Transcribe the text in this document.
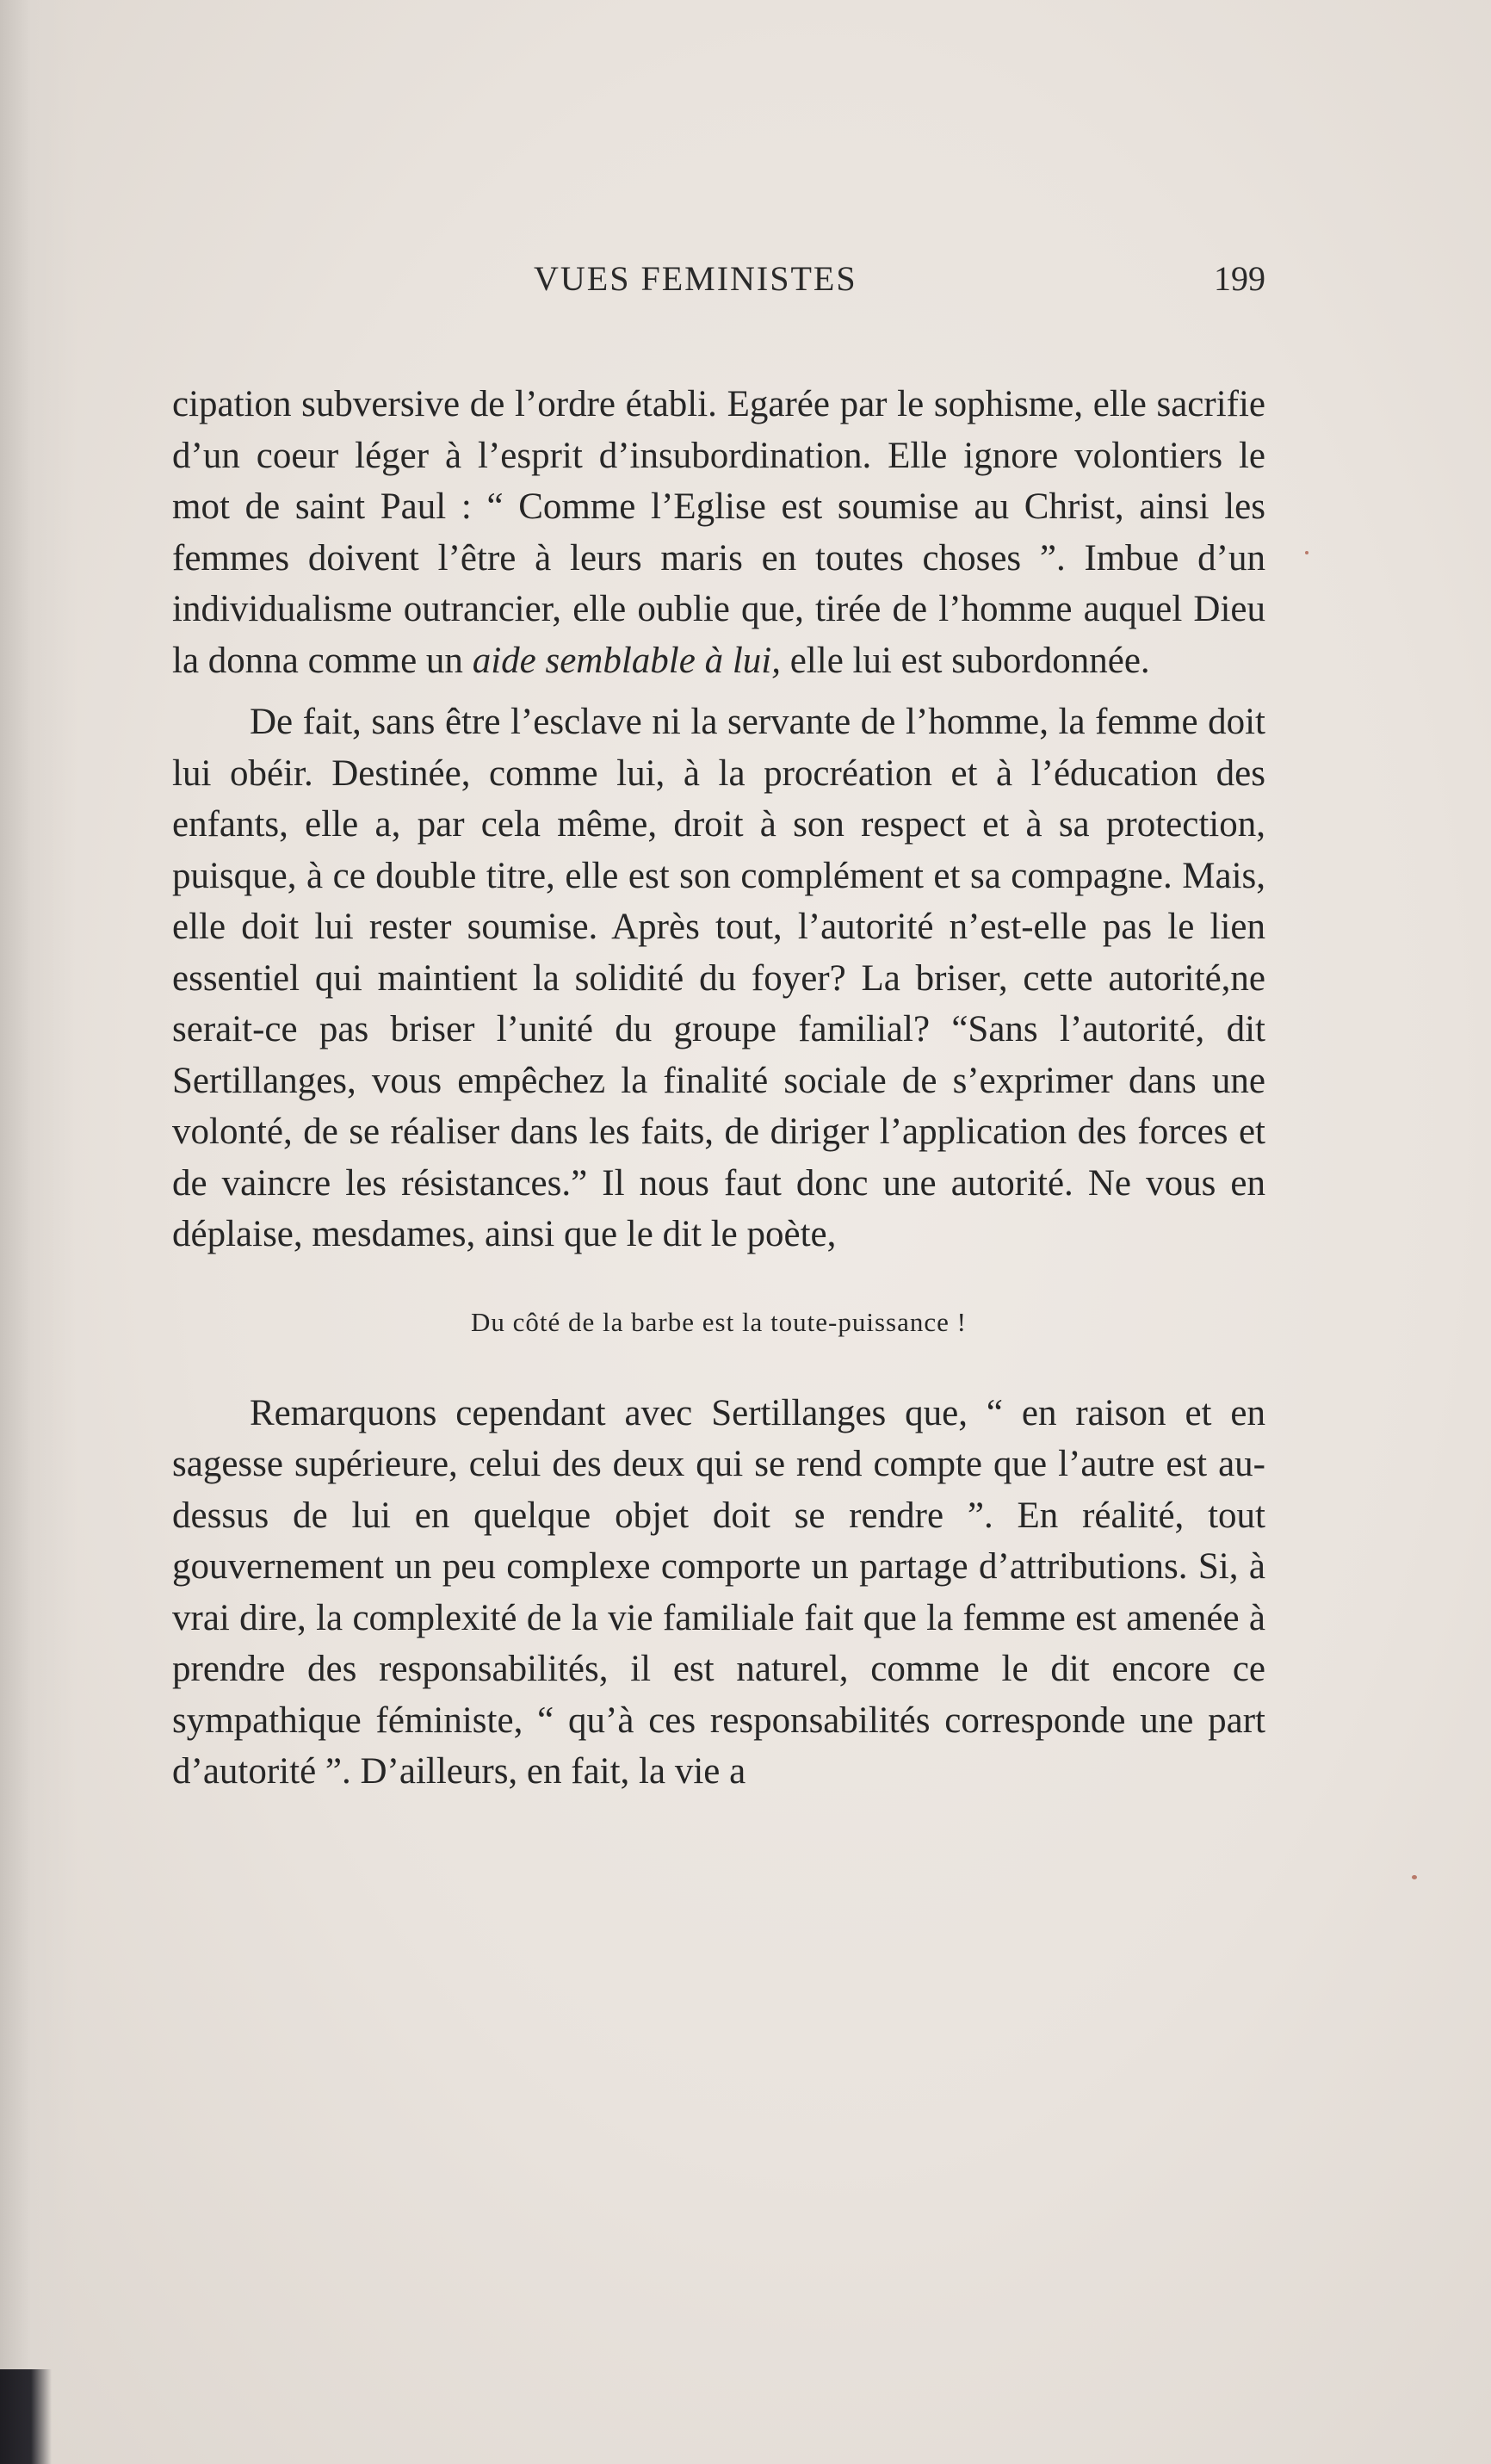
VUES FEMINISTES	199

cipation subversive de l’ordre établi. Egarée par le sophisme, elle sacrifie d’un coeur léger à l’esprit d’insubordination. Elle ignore volontiers le mot de saint Paul : “ Comme l’Eglise est soumise au Christ, ainsi les femmes doivent l’être à leurs maris en toutes choses ”. Imbue d’un individualisme outrancier, elle oublie que, tirée de l’homme auquel Dieu la donna comme un aide semblable à lui, elle lui est subordonnée.

De fait, sans être l’esclave ni la servante de l’homme, la femme doit lui obéir. Destinée, comme lui, à la procréation et à l’éducation des enfants, elle a, par cela même, droit à son respect et à sa protection, puisque, à ce double titre, elle est son complément et sa compagne. Mais, elle doit lui rester soumise. Après tout, l’autorité n’est-elle pas le lien essentiel qui maintient la solidité du foyer? La briser, cette autorité,ne serait-ce pas briser l’unité du groupe familial? “Sans l’autorité, dit Sertillanges, vous empêchez la finalité sociale de s’exprimer dans une volonté, de se réaliser dans les faits, de diriger l’application des forces et de vaincre les résistances.” Il nous faut donc une autorité. Ne vous en déplaise, mesdames, ainsi que le dit le poète,

Du côté de la barbe est la toute-puissance !

Remarquons cependant avec Sertillanges que, “ en raison et en sagesse supérieure, celui des deux qui se rend compte que l’autre est au-dessus de lui en quelque objet doit se rendre ”. En réalité, tout gouvernement un peu complexe comporte un partage d’attributions. Si, à vrai dire, la complexité de la vie familiale fait que la femme est amenée à prendre des responsabilités, il est naturel, comme le dit encore ce sympathique féministe, “ qu’à ces responsabilités corresponde une part d’autorité ”. D’ailleurs, en fait, la vie a
